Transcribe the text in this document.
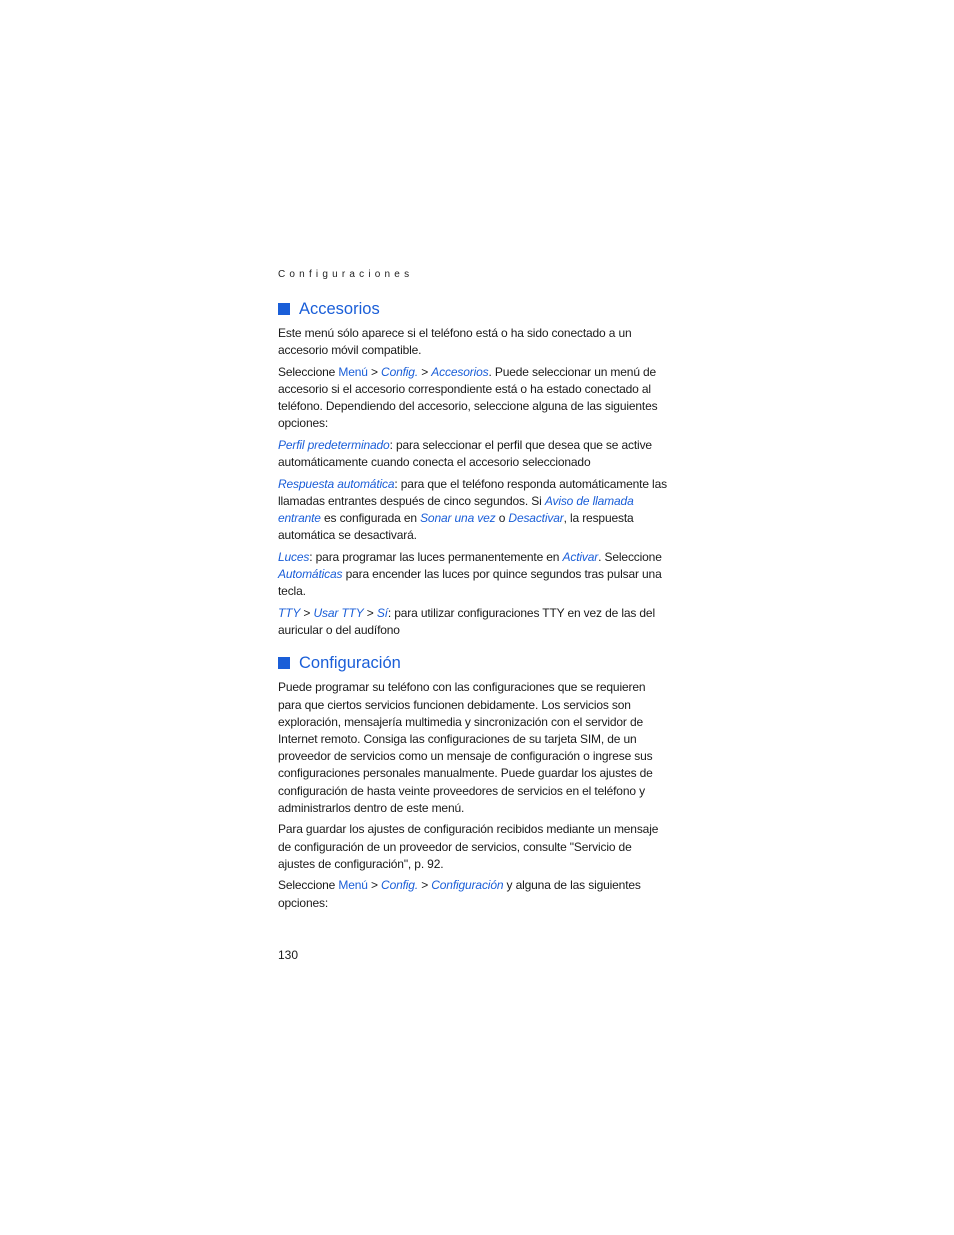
Configuraciones
Accesorios

Este menú sólo aparece si el teléfono está o ha sido conectado a un accesorio móvil compatible.

Seleccione Menú > Config. > Accesorios. Puede seleccionar un menú de accesorio si el accesorio correspondiente está o ha estado conectado al teléfono. Dependiendo del accesorio, seleccione alguna de las siguientes opciones:

Perfil predeterminado: para seleccionar el perfil que desea que se active automáticamente cuando conecta el accesorio seleccionado

Respuesta automática: para que el teléfono responda automáticamente las llamadas entrantes después de cinco segundos. Si Aviso de llamada entrante es configurada en Sonar una vez o Desactivar, la respuesta automática se desactivará.

Luces: para programar las luces permanentemente en Activar. Seleccione Automáticas para encender las luces por quince segundos tras pulsar una tecla.

TTY > Usar TTY > Sí: para utilizar configuraciones TTY en vez de las del auricular o del audífono

Configuración

Puede programar su teléfono con las configuraciones que se requieren para que ciertos servicios funcionen debidamente. Los servicios son exploración, mensajería multimedia y sincronización con el servidor de Internet remoto. Consiga las configuraciones de su tarjeta SIM, de un proveedor de servicios como un mensaje de configuración o ingrese sus configuraciones personales manualmente. Puede guardar los ajustes de configuración de hasta veinte proveedores de servicios en el teléfono y administrarlos dentro de este menú.

Para guardar los ajustes de configuración recibidos mediante un mensaje de configuración de un proveedor de servicios, consulte "Servicio de ajustes de configuración", p. 92.

Seleccione Menú > Config. > Configuración y alguna de las siguientes opciones:

130
